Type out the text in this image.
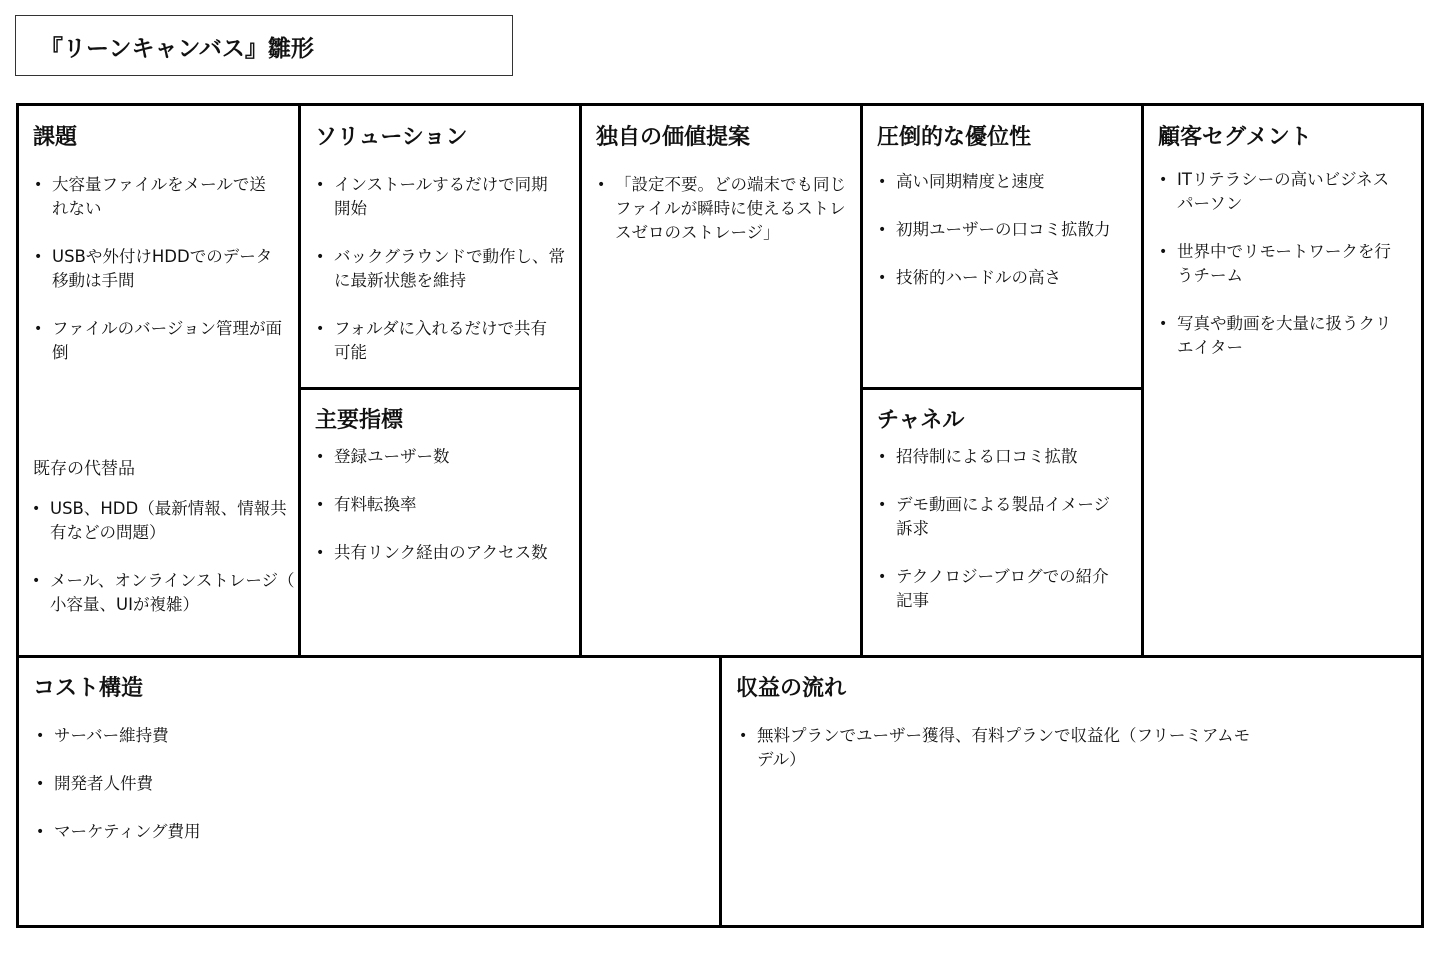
『リーンキャンバス』雛形
課題
• 大容量ファイルをメールで送
れない
• USBや外付けHDDでのデータ
移動は手間
• ファイルのバージョン管理が面
倒
既存の代替品
• USB、HDD（最新情報、情報共
有などの問題）
• メール、オンラインストレージ（
小容量、UIが複雑）
ソリューション
• インストールするだけで同期
開始
• バックグラウンドで動作し、常
に最新状態を維持
• フォルダに入れるだけで共有
可能
主要指標
• 登録ユーザー数
• 有料転換率
• 共有リンク経由のアクセス数
独自の価値提案
• 「設定不要。どの端末でも同じ
ファイルが瞬時に使えるストレ
スゼロのストレージ」
圧倒的な優位性
• 高い同期精度と速度
• 初期ユーザーの口コミ拡散力
• 技術的ハードルの高さ
チャネル
• 招待制による口コミ拡散
• デモ動画による製品イメージ
訴求
• テクノロジーブログでの紹介
記事
顧客セグメント
• ITリテラシーの高いビジネス
パーソン
• 世界中でリモートワークを行
うチーム
• 写真や動画を大量に扱うクリ
エイター
コスト構造
• サーバー維持費
• 開発者人件費
• マーケティング費用
収益の流れ
• 無料プランでユーザー獲得、有料プランで収益化（フリーミアムモ
デル）
